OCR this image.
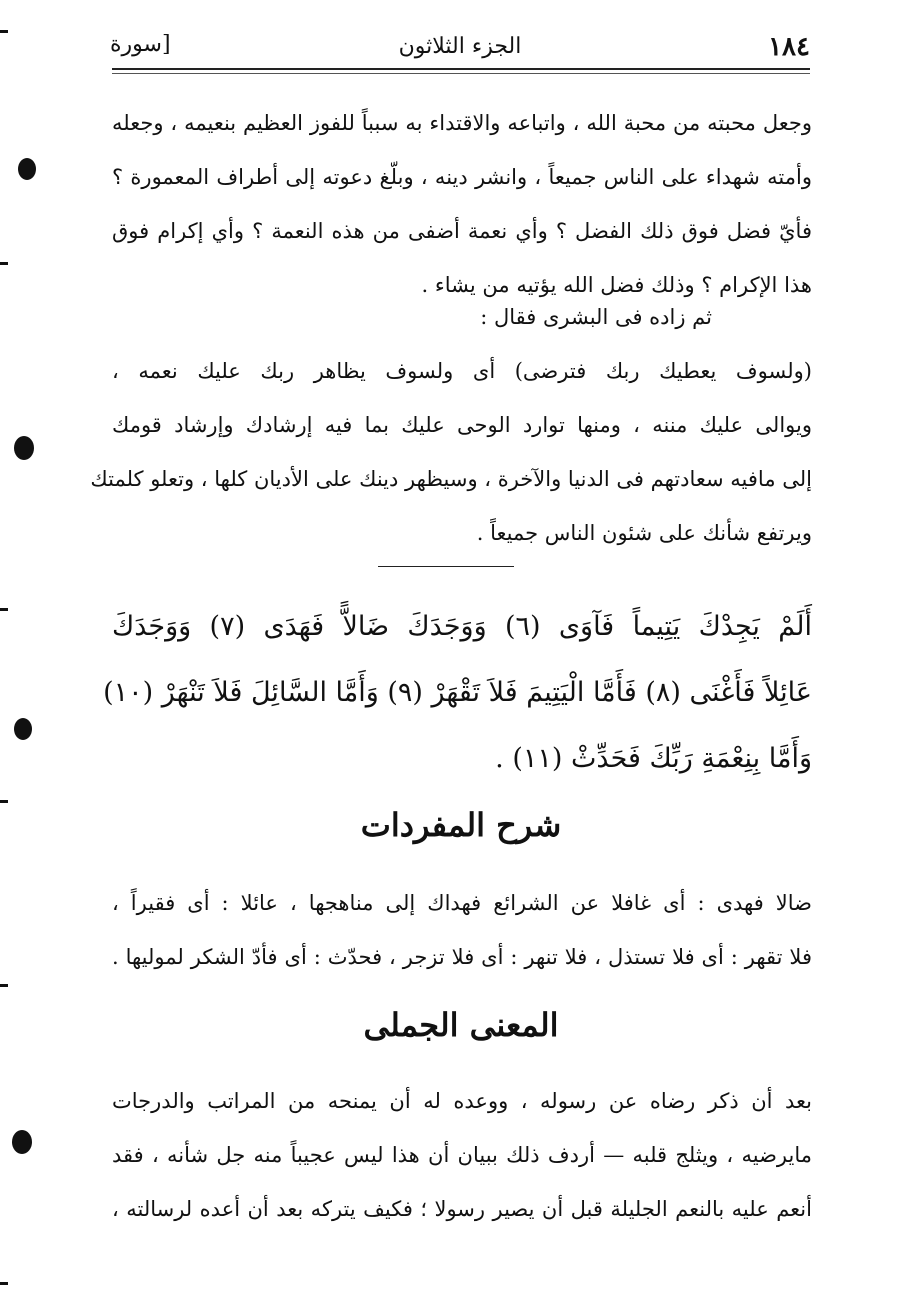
١٨٤
الجزء الثلاثون
[سورة
وجعل محبته من محبة الله ، واتباعه والاقتداء به سبباً للفوز العظيم بنعيمه ، وجعله
وأمته شهداء على الناس جميعاً ، وانشر دينه ، وبلّغ دعوته إلى أطراف المعمورة ؟
فأيّ فضل فوق ذلك الفضل ؟ وأي نعمة أضفى من هذه النعمة ؟ وأي إكرام فوق
هذا الإكرام ؟ وذلك فضل الله يؤتيه من يشاء .
ثم زاده فى البشرى فقال :
(ولسوف يعطيك ربك فترضى) أى ولسوف يظاهر ربك عليك نعمه ،
ويوالى عليك مننه ، ومنها توارد الوحى عليك بما فيه إرشادك وإرشاد قومك
إلى مافيه سعادتهم فى الدنيا والآخرة ، وسيظهر دينك على الأديان كلها ، وتعلو كلمتك
ويرتفع شأنك على شئون الناس جميعاً .
أَلَمْ يَجِدْكَ يَتِيماً فَآوَى (٦) وَوَجَدَكَ ضَالاًّ فَهَدَى (٧) وَوَجَدَكَ
عَائِلاً فَأَغْنَى (٨) فَأَمَّا الْيَتِيمَ فَلاَ تَقْهَرْ (٩) وَأَمَّا السَّائِلَ فَلاَ تَنْهَرْ (١٠)
وَأَمَّا بِنِعْمَةِ رَبِّكَ فَحَدِّثْ (١١) .
شرح المفردات
ضالا فهدى : أى غافلا عن الشرائع فهداك إلى مناهجها ، عائلا : أى فقيراً ،
فلا تقهر : أى فلا تستذل ، فلا تنهر : أى فلا تزجر ، فحدّث : أى فأدّ الشكر لموليها .
المعنى الجملى
بعد أن ذكر رضاه عن رسوله ، ووعده له أن يمنحه من المراتب والدرجات
مايرضيه ، ويثلج قلبه — أردف ذلك ببيان أن هذا ليس عجيباً منه جل شأنه ، فقد
أنعم عليه بالنعم الجليلة قبل أن يصير رسولا ؛ فكيف يتركه بعد أن أعده لرسالته ،
